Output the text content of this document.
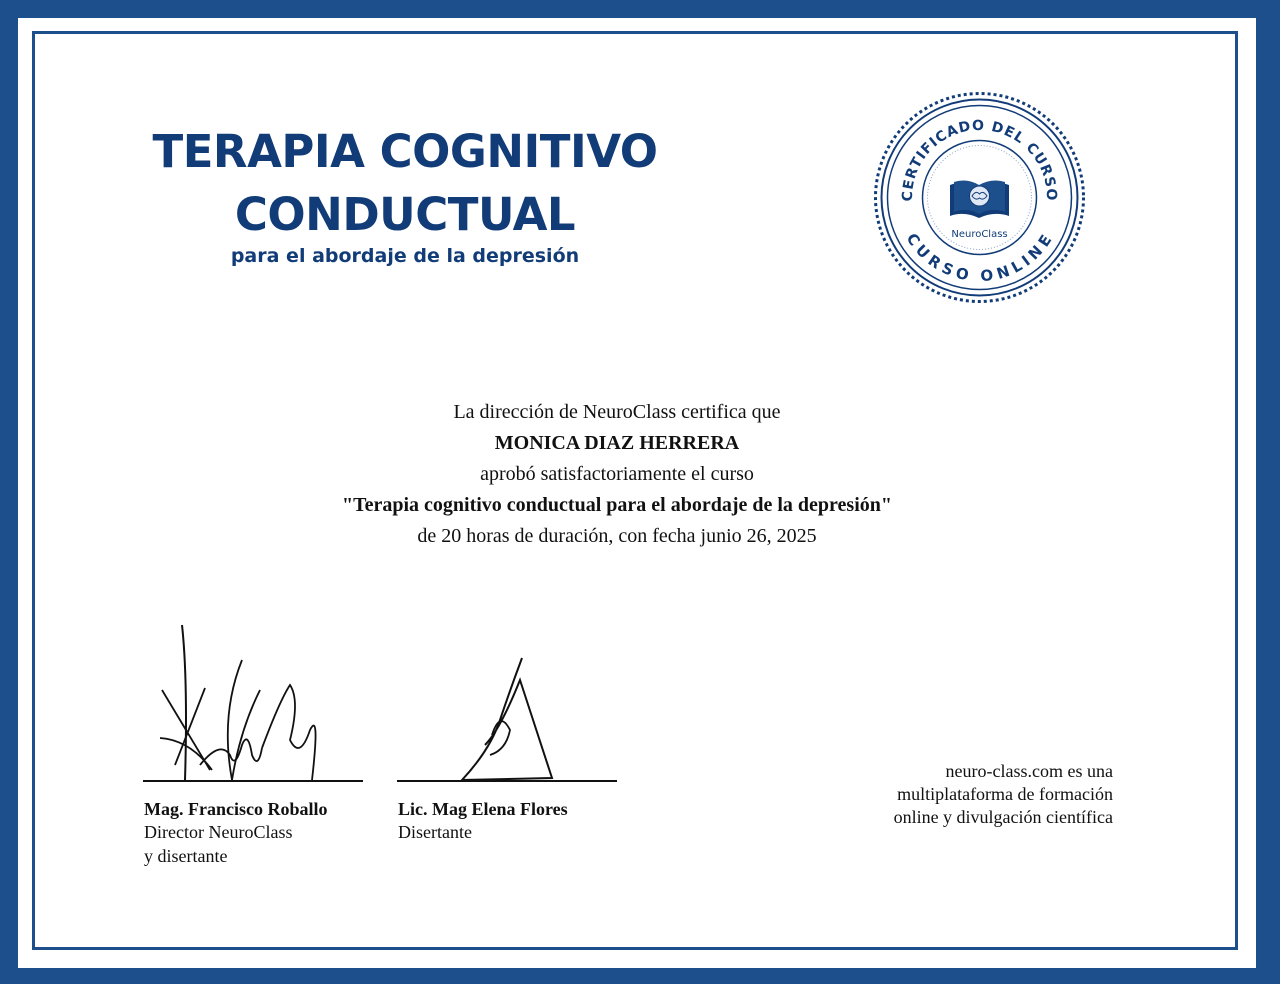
TERAPIA COGNITIVO
CONDUCTUAL
para el abordaje de la depresión
CERTIFICADO DEL CURSO
CURSO ONLINE
NeuroClass
La dirección de NeuroClass certifica que
MONICA DIAZ HERRERA
aprobó satisfactoriamente el curso
"Terapia cognitivo conductual para el abordaje de la depresión"
de 20 horas de duración, con fecha junio 26, 2025
Mag. Francisco Roballo
Director NeuroClass
y disertante
Lic. Mag Elena Flores
Disertante
neuro-class.com es una
multiplataforma de formación
online y divulgación científica
